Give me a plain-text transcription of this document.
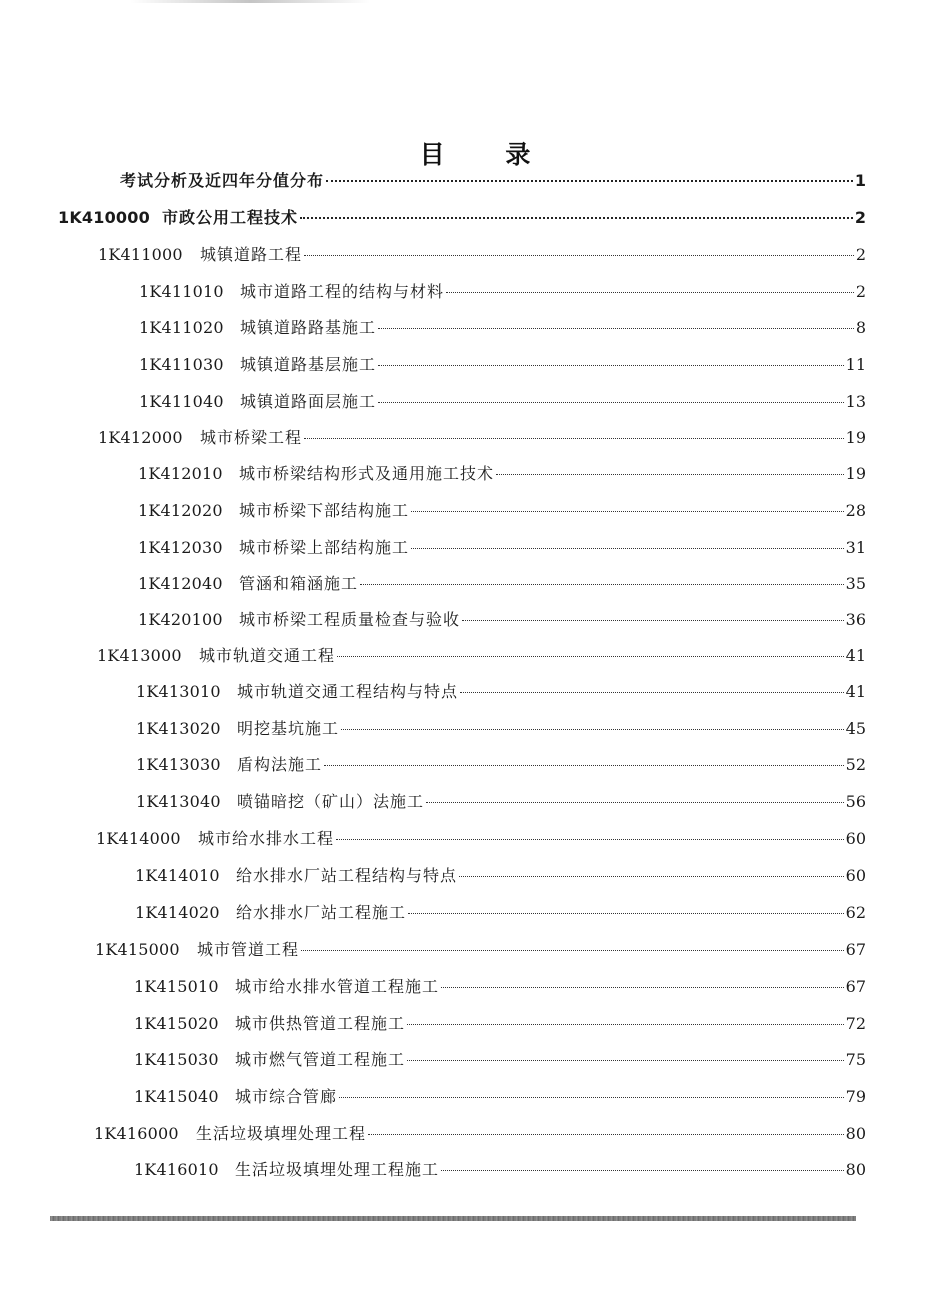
目 录
考试分析及近四年分值分布	1
1K410000 市政公用工程技术	2
1K411000	城镇道路工程	2
1K411010	城市道路工程的结构与材料	2
1K411020	城镇道路路基施工	8
1K411030	城镇道路基层施工	11
1K411040	城镇道路面层施工	13
1K412000	城市桥梁工程	19
1K412010	城市桥梁结构形式及通用施工技术	19
1K412020	城市桥梁下部结构施工	28
1K412030	城市桥梁上部结构施工	31
1K412040	管涵和箱涵施工	35
1K420100	城市桥梁工程质量检查与验收	36
1K413000	城市轨道交通工程	41
1K413010	城市轨道交通工程结构与特点	41
1K413020	明挖基坑施工	45
1K413030	盾构法施工	52
1K413040	喷锚暗挖（矿山）法施工	56
1K414000	城市给水排水工程	60
1K414010	给水排水厂站工程结构与特点	60
1K414020	给水排水厂站工程施工	62
1K415000	城市管道工程	67
1K415010	城市给水排水管道工程施工	67
1K415020	城市供热管道工程施工	72
1K415030	城市燃气管道工程施工	75
1K415040	城市综合管廊	79
1K416000	生活垃圾填埋处理工程	80
1K416010	生活垃圾填埋处理工程施工	80
